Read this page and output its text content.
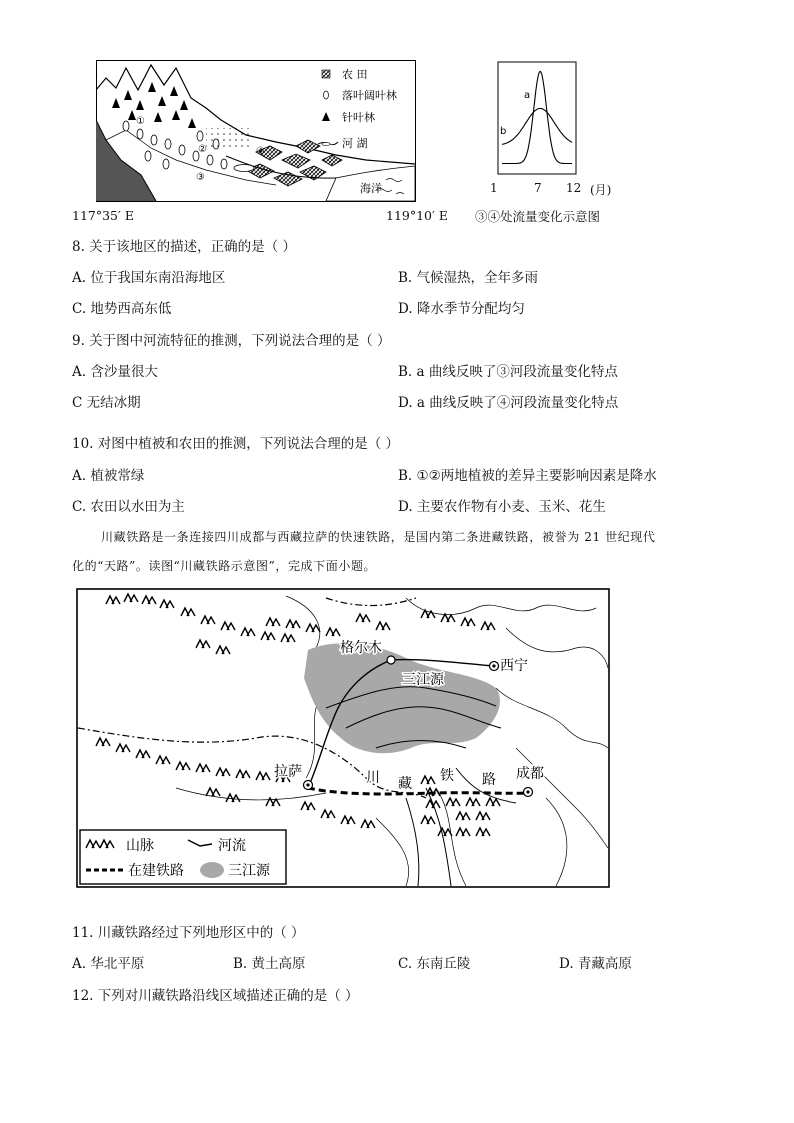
①
②
③
④
海洋
农 田
落叶阔叶林
针叶林
河 湖
117°35′ E	119°10′ E
a
b
1	7 12 (月)
③④处流量变化示意图
8. 关于该地区的描述，正确的是（ ）
A. 位于我国东南沿海地区	B. 气候湿热，全年多雨
C. 地势西高东低	D. 降水季节分配均匀
9. 关于图中河流特征的推测，下列说法合理的是（ ）
A. 含沙量很大	B. a 曲线反映了③河段流量变化特点
C 无结冰期	D. a 曲线反映了④河段流量变化特点
10. 对图中植被和农田的推测，下列说法合理的是（ ）
A. 植被常绿	B. ①②两地植被的差异主要影响因素是降水
C. 农田以水田为主	D. 主要农作物有小麦、玉米、花生
川藏铁路是一条连接四川成都与西藏拉萨的快速铁路，是国内第二条进藏铁路，被誉为 21 世纪现代
化的“天路”。读图“川藏铁路示意图”，完成下面小题。
格尔木
西宁
三江源
拉萨	川 藏 铁 路 成都
山脉	河流
在建铁路	三江源
11. 川藏铁路经过下列地形区中的（ ）
A. 华北平原	B. 黄土高原	C. 东南丘陵	D. 青藏高原
12. 下列对川藏铁路沿线区域描述正确的是（ ）
